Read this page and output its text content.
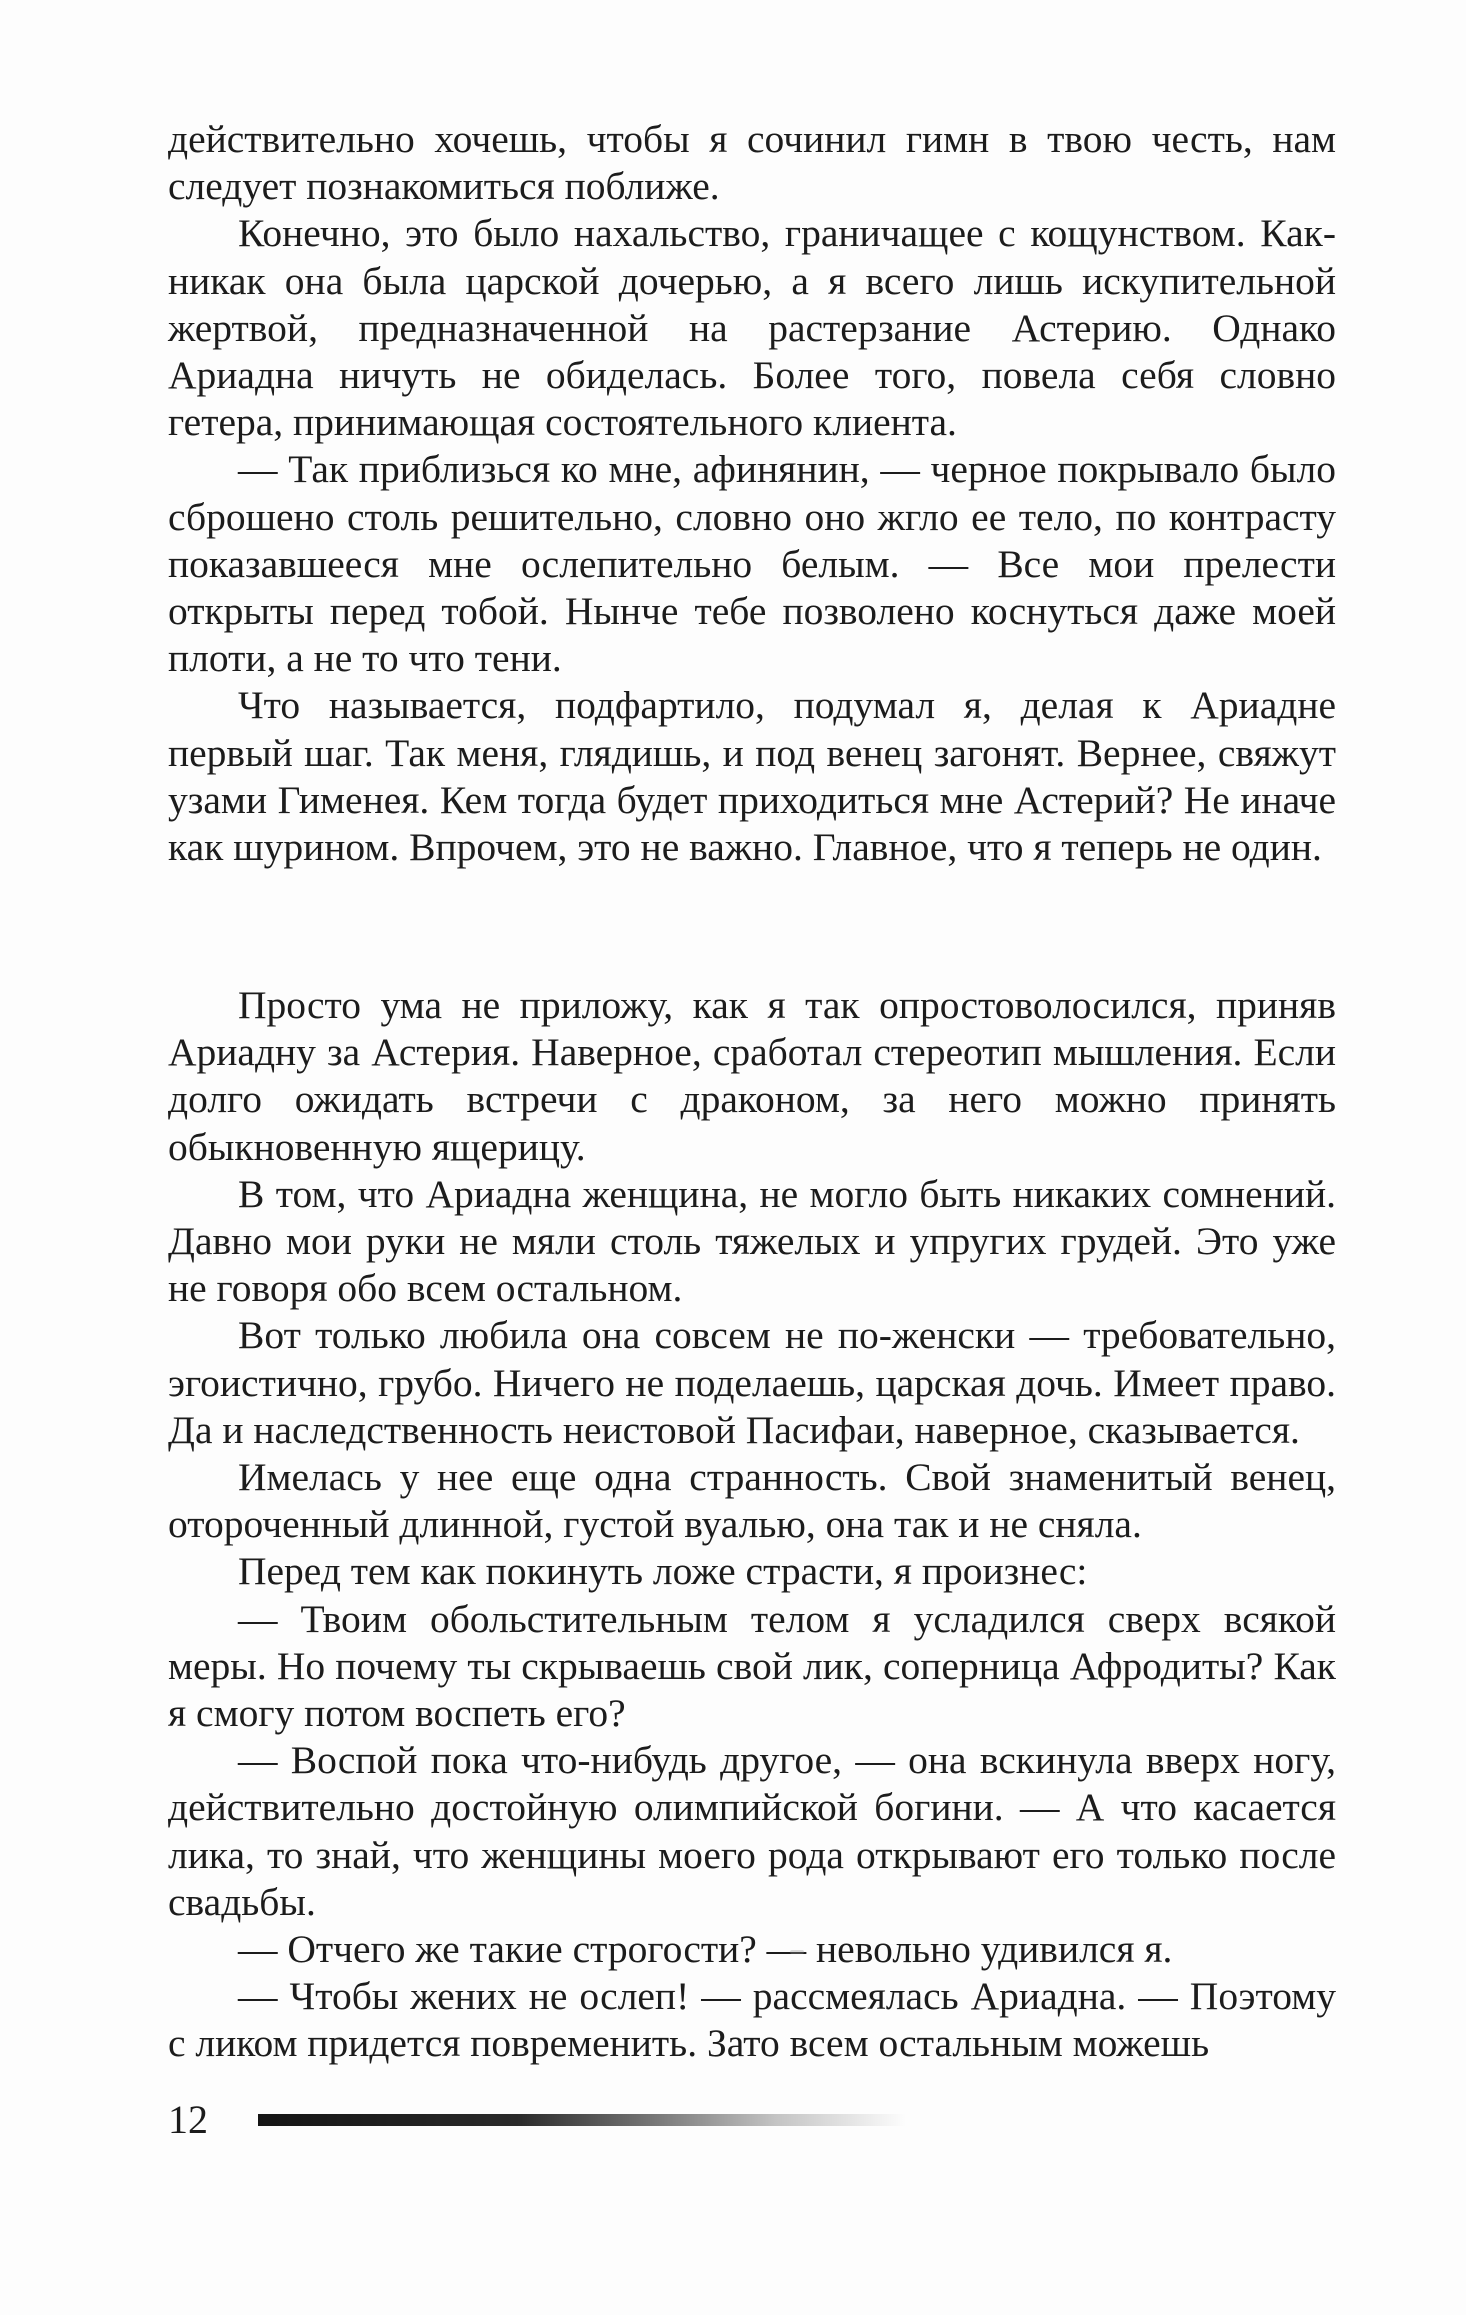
действительно хочешь, чтобы я сочинил гимн в твою честь, нам следует познакомиться поближе.

Конечно, это было нахальство, граничащее с кощунством. Как-никак она была царской дочерью, а я всего лишь искупительной жертвой, предназначенной на растерзание Астерию. Однако Ариадна ничуть не обиделась. Более того, повела себя словно гетера, принимающая состоятельного клиента.

— Так приблизься ко мне, афинянин, — черное покрывало было сброшено столь решительно, словно оно жгло ее тело, по контрасту показавшееся мне ослепительно белым. — Все мои прелести открыты перед тобой. Нынче тебе позволено коснуться даже моей плоти, а не то что тени.

Что называется, подфартило, подумал я, делая к Ариадне первый шаг. Так меня, глядишь, и под венец загонят. Вернее, свяжут узами Гименея. Кем тогда будет приходиться мне Астерий? Не иначе как шурином. Впрочем, это не важно. Главное, что я теперь не один.

Просто ума не приложу, как я так опростоволосился, приняв Ариадну за Астерия. Наверное, сработал стереотип мышления. Если долго ожидать встречи с драконом, за него можно принять обыкновенную ящерицу.

В том, что Ариадна женщина, не могло быть никаких сомнений. Давно мои руки не мяли столь тяжелых и упругих грудей. Это уже не говоря обо всем остальном.

Вот только любила она совсем не по-женски — требовательно, эгоистично, грубо. Ничего не поделаешь, царская дочь. Имеет право. Да и наследственность неистовой Пасифаи, наверное, сказывается.

Имелась у нее еще одна странность. Свой знаменитый венец, отороченный длинной, густой вуалью, она так и не сняла.

Перед тем как покинуть ложе страсти, я произнес:

— Твоим обольстительным телом я усладился сверх всякой меры. Но почему ты скрываешь свой лик, соперница Афродиты? Как я смогу потом воспеть его?

— Воспой пока что-нибудь другое, — она вскинула вверх ногу, действительно достойную олимпийской богини. — А что касается лика, то знай, что женщины моего рода открывают его только после свадьбы.

— Отчего же такие строгости? — невольно удивился я.

— Чтобы жених не ослеп! — рассмеялась Ариадна. — Поэтому с ликом придется повременить. Зато всем остальным можешь

12
